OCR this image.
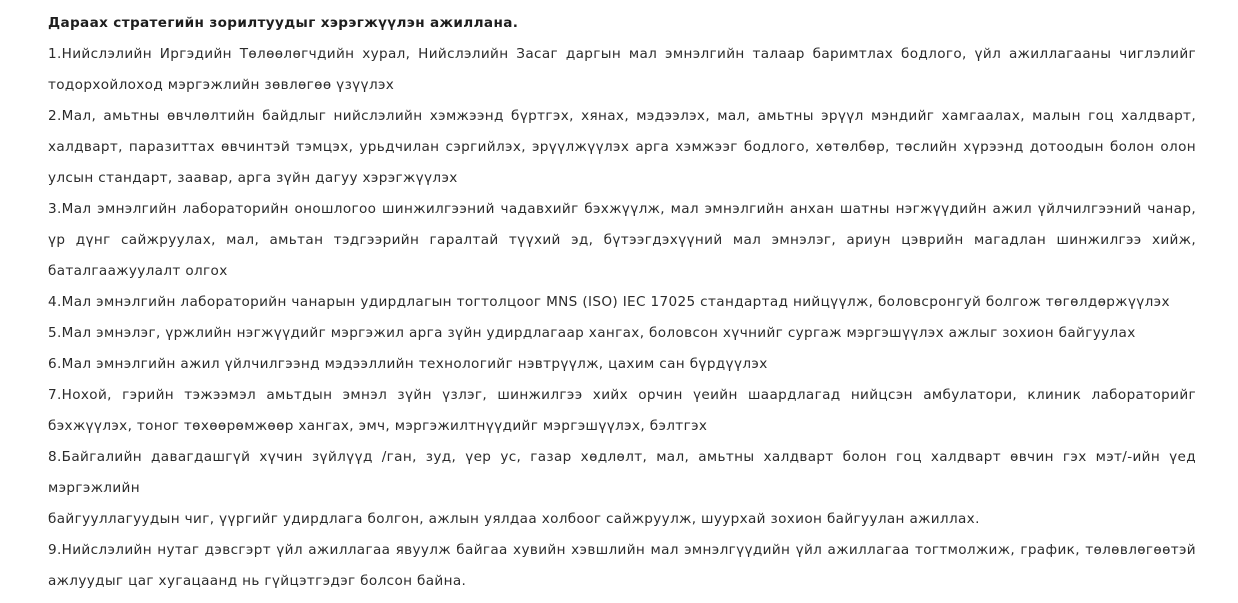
Дараах стратегийн зорилтуудыг хэрэгжүүлэн ажиллана.

1.Нийслэлийн Иргэдийн Төлөөлөгчдийн хурал, Нийслэлийн Засаг даргын мал эмнэлгийн талаар баримтлах бодлого, үйл ажиллагааны чиглэлийг тодорхойлоход мэргэжлийн зөвлөгөө үзүүлэх

2.Мал, амьтны өвчлөлтийн байдлыг нийслэлийн хэмжээнд бүртгэх, хянах, мэдээлэх, мал, амьтны эрүүл мэндийг хамгаалах, малын гоц халдварт, халдварт, паразиттах өвчинтэй тэмцэх, урьдчилан сэргийлэх, эрүүлжүүлэх арга хэмжээг бодлого, хөтөлбөр, төслийн хүрээнд дотоодын болон олон улсын стандарт, заавар, арга зүйн дагуу хэрэгжүүлэх

3.Мал эмнэлгийн лабораторийн оношлогоо шинжилгээний чадавхийг бэхжүүлж, мал эмнэлгийн анхан шатны нэгжүүдийн ажил үйлчилгээний чанар, үр дүнг сайжруулах, мал, амьтан тэдгээрийн гаралтай түүхий эд, бүтээгдэхүүний мал эмнэлэг, ариун цэврийн магадлан шинжилгээ хийж, баталгаажуулалт олгох

4.Мал эмнэлгийн лабораторийн чанарын удирдлагын тогтолцоог MNS (ISO) IEC 17025 стандартад нийцүүлж, боловсронгуй болгож төгөлдөржүүлэх

5.Мал эмнэлэг, үржлийн нэгжүүдийг мэргэжил арга зүйн удирдлагаар хангах, боловсон хүчнийг сургаж мэргэшүүлэх ажлыг зохион байгуулах

6.Мал эмнэлгийн ажил үйлчилгээнд мэдээллийн технологийг нэвтрүүлж, цахим сан бүрдүүлэх

7.Нохой, гэрийн тэжээмэл амьтдын эмнэл зүйн үзлэг, шинжилгээ хийх орчин үеийн шаардлагад нийцсэн амбулатори, клиник лабораторийг бэхжүүлэх, тоног төхөөрөмжөөр хангах, эмч, мэргэжилтнүүдийг мэргэшүүлэх, бэлтгэх

8.Байгалийн давагдашгүй хүчин зүйлүүд /ган, зуд, үер ус, газар хөдлөлт, мал, амьтны халдварт болон гоц халдварт өвчин гэх мэт/-ийн үед мэргэжлийн

байгууллагуудын чиг, үүргийг удирдлага болгон, ажлын уялдаа холбоог сайжруулж, шуурхай зохион байгуулан ажиллах.

9.Нийслэлийн нутаг дэвсгэрт үйл ажиллагаа явуулж байгаа хувийн хэвшлийн мал эмнэлгүүдийн үйл ажиллагаа тогтмолжиж, график, төлөвлөгөөтэй ажлуудыг цаг хугацаанд нь гүйцэтгэдэг болсон байна.
